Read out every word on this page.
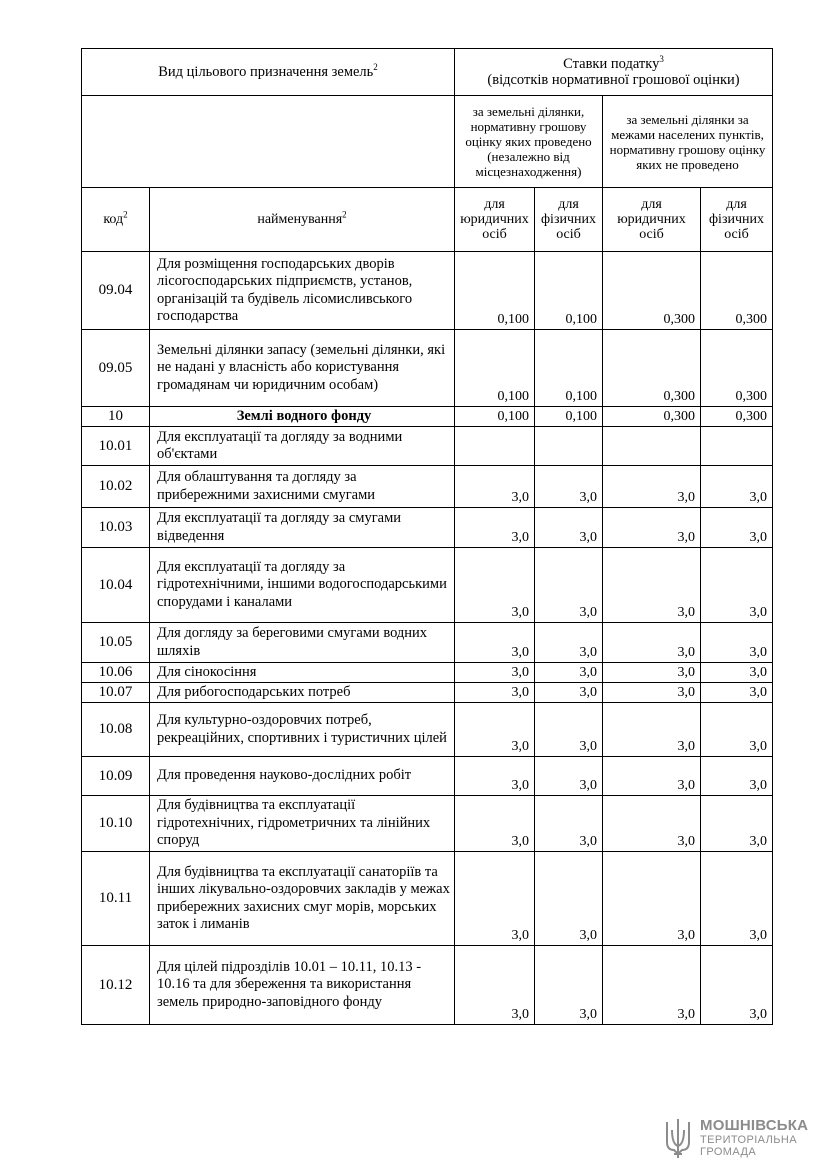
Вид цільового призначення земель$^2$		Ставки податку$^3$
(відсотків нормативної грошової оцінки)			
		за земельні ділянки, нормативну грошову оцінку яких проведено (незалежно від місцезнаходження)		за земельні ділянки за межами населених пунктів, нормативну грошову оцінку яких не проведено	
код$^2$	найменування$^2$	для юридичних осіб	для фізичних осіб	для юридичних осіб	для фізичних осіб
09.04	Для розміщення господарських дворів лісогосподарських підприємств, установ, організацій та будівель лісомисливського господарства	0,100	0,100	0,300	0,300
09.05	Земельні ділянки запасу (земельні ділянки, які не надані у власність або користування громадянам чи юридичним особам)	0,100	0,100	0,300	0,300
10	Землі водного фонду	0,100	0,100	0,300	0,300
10.01	Для експлуатації та догляду за водними об'єктами				
10.02	Для облаштування та догляду за прибережними захисними смугами	3,0	3,0	3,0	3,0
10.03	Для експлуатації та догляду за смугами відведення	3,0	3,0	3,0	3,0
10.04	Для експлуатації та догляду за гідротехнічними, іншими водогосподарськими спорудами і каналами	3,0	3,0	3,0	3,0
10.05	Для догляду за береговими смугами водних шляхів	3,0	3,0	3,0	3,0
10.06	Для сінокосіння	3,0	3,0	3,0	3,0
10.07	Для рибогосподарських потреб	3,0	3,0	3,0	3,0
10.08	Для культурно-оздоровчих потреб, рекреаційних, спортивних і туристичних цілей	3,0	3,0	3,0	3,0
10.09	Для проведення науково-дослідних робіт	3,0	3,0	3,0	3,0
10.10	Для будівництва та експлуатації гідротехнічних, гідрометричних та лінійних споруд	3,0	3,0	3,0	3,0
10.11	Для будівництва та експлуатації санаторіїв та інших лікувально-оздоровчих закладів у межах прибережних захисних смуг морів, морських заток і лиманів	3,0	3,0	3,0	3,0
10.12	Для цілей підрозділів 10.01 – 10.11, 10.13 - 10.16 та для збереження та використання земель природно-заповідного фонду	3,0	3,0	3,0	3,0
МОШНІВСЬКА
ТЕРИТОРІАЛЬНА
ГРОМАДА
